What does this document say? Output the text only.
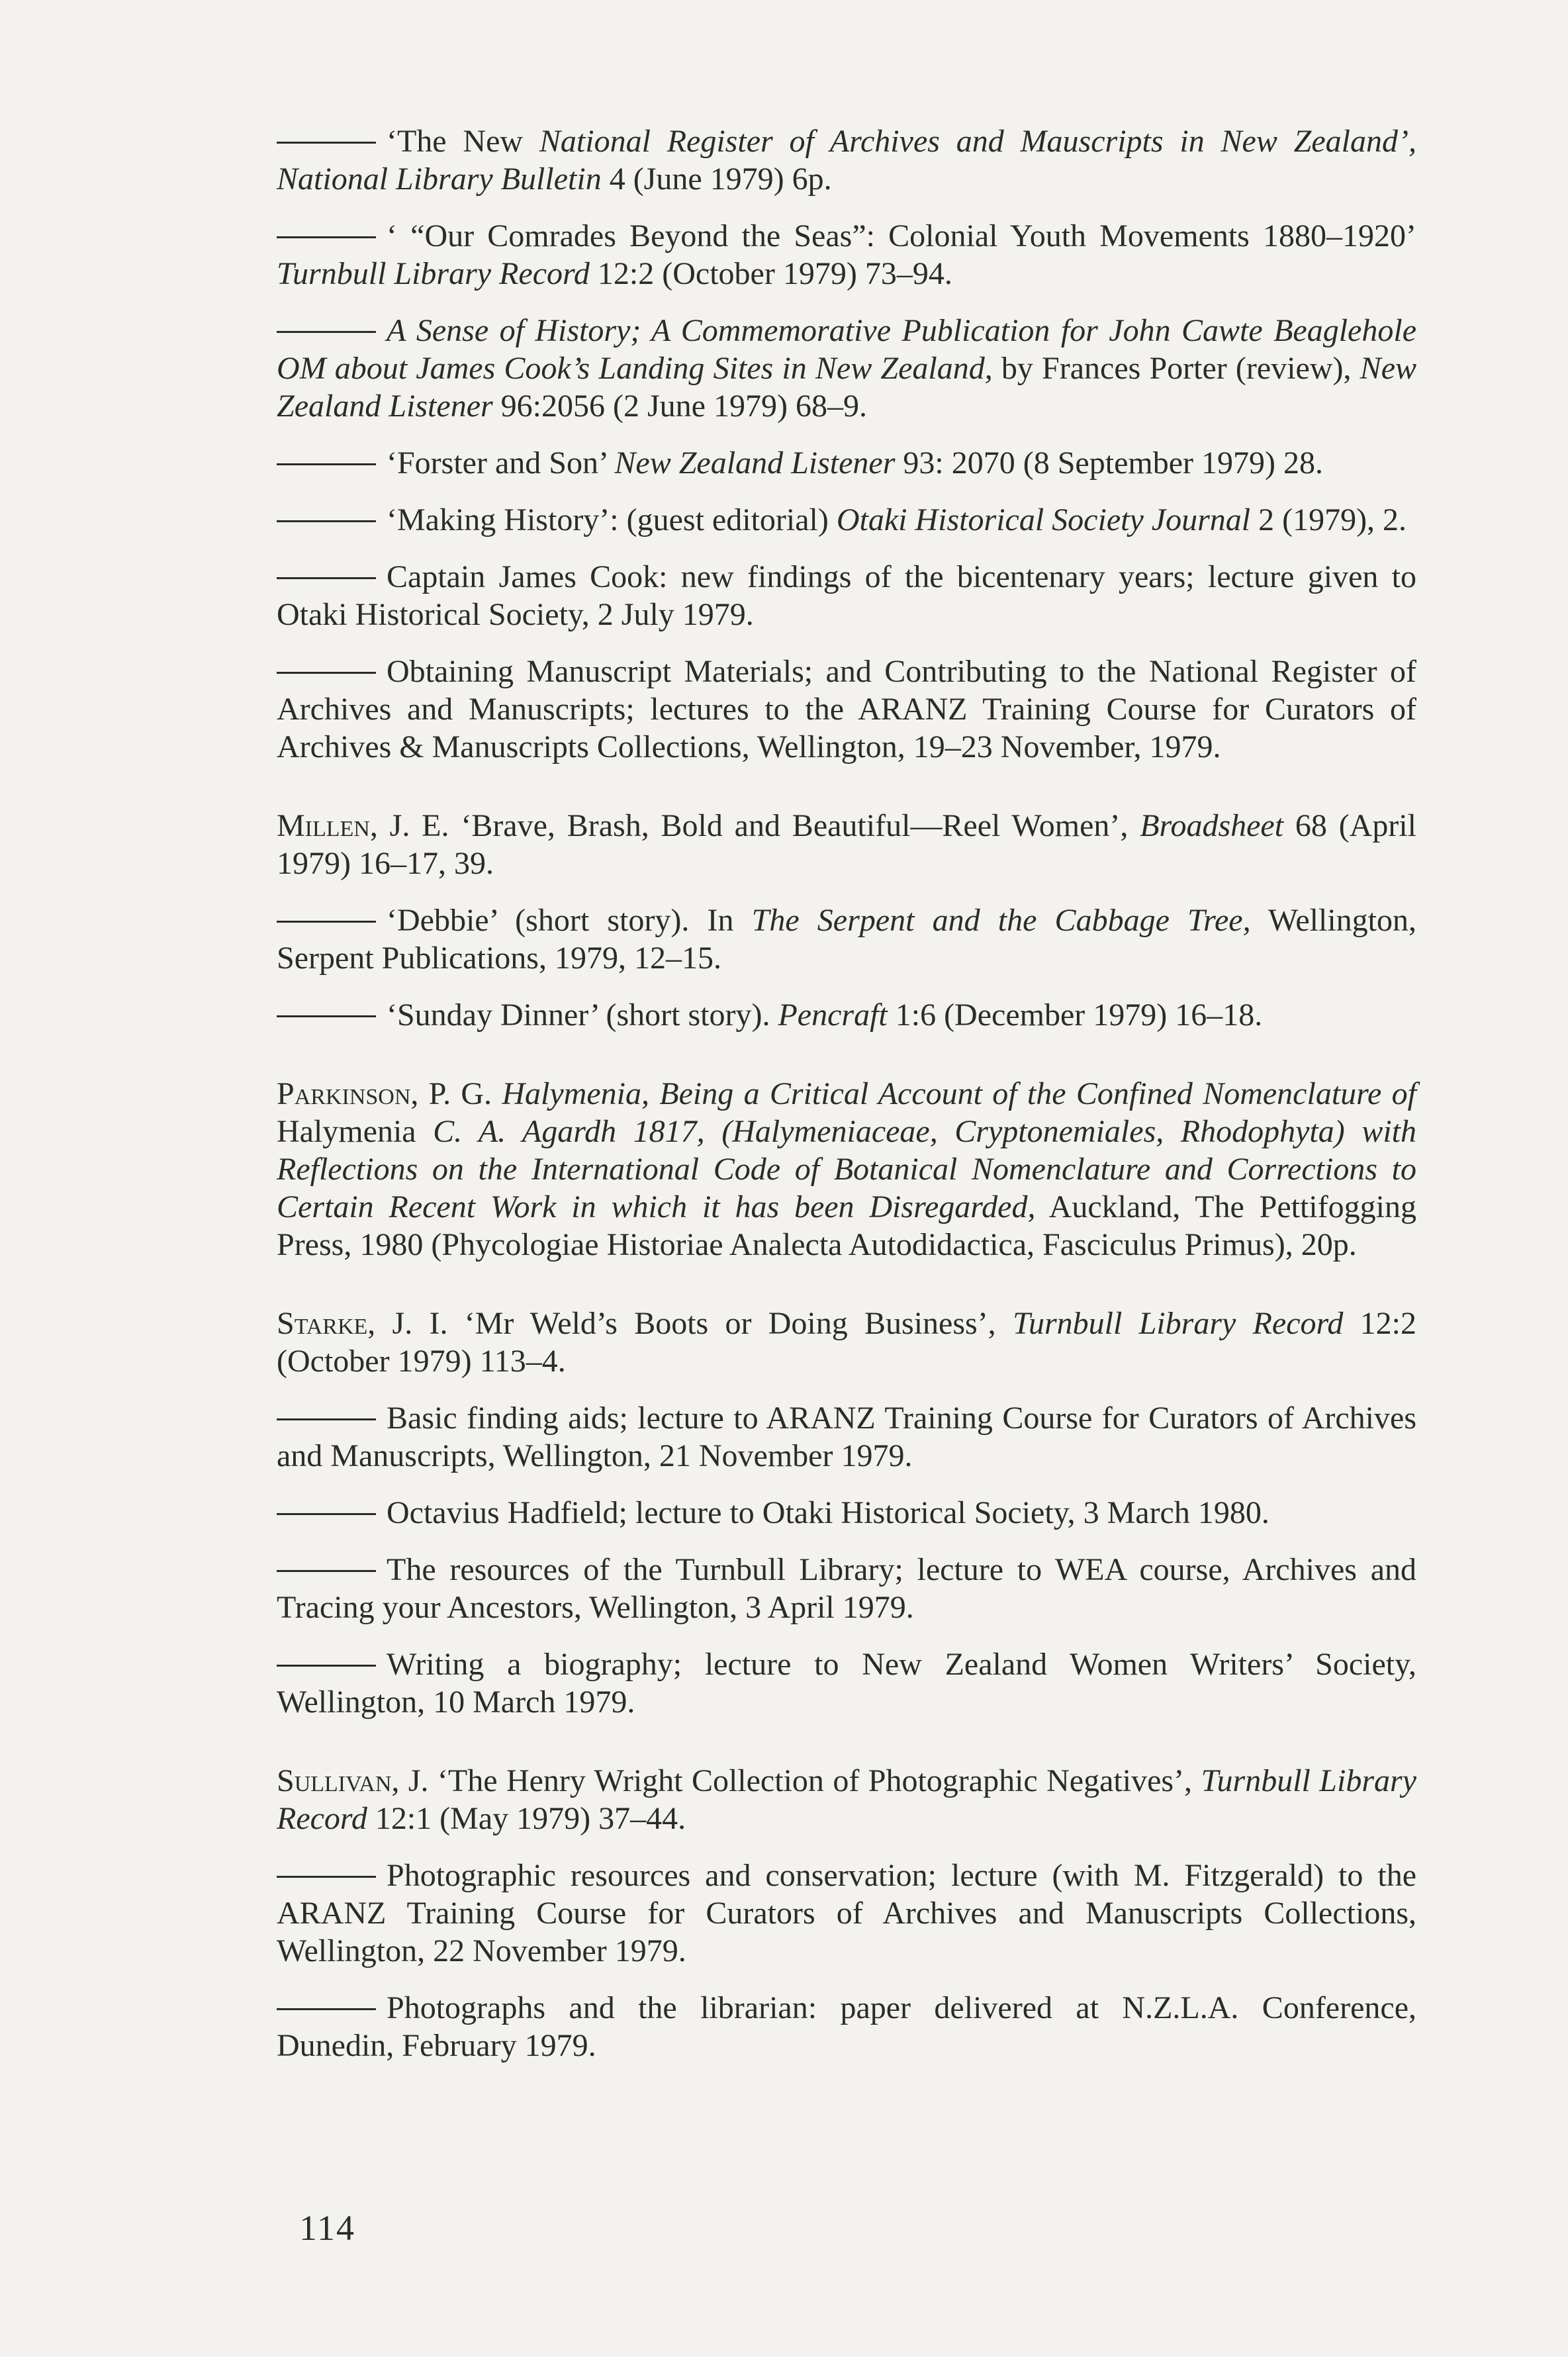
‘The New National Register of Archives and Mauscripts in New Zealand’, National Library Bulletin 4 (June 1979) 6p.

‘ “Our Comrades Beyond the Seas”: Colonial Youth Movements 1880–1920’ Turnbull Library Record 12:2 (October 1979) 73–94.

A Sense of History; A Commemorative Publication for John Cawte Beaglehole OM about James Cook’s Landing Sites in New Zealand, by Frances Porter (review), New Zealand Listener 96:2056 (2 June 1979) 68–9.

‘Forster and Son’ New Zealand Listener 93: 2070 (8 September 1979) 28.

‘Making History’: (guest editorial) Otaki Historical Society Journal 2 (1979), 2.

Captain James Cook: new findings of the bicentenary years; lecture given to Otaki Historical Society, 2 July 1979.

Obtaining Manuscript Materials; and Contributing to the National Register of Archives and Manuscripts; lectures to the ARANZ Training Course for Curators of Archives & Manuscripts Collections, Wellington, 19–23 November, 1979.

Millen, J. E. ‘Brave, Brash, Bold and Beautiful—Reel Women’, Broadsheet 68 (April 1979) 16–17, 39.

‘Debbie’ (short story). In The Serpent and the Cabbage Tree, Wellington, Serpent Publications, 1979, 12–15.

‘Sunday Dinner’ (short story). Pencraft 1:6 (December 1979) 16–18.

Parkinson, P. G. Halymenia, Being a Critical Account of the Confined Nomenclature of Halymenia C. A. Agardh 1817, (Halymeniaceae, Cryptonemiales, Rhodophyta) with Reflections on the International Code of Botanical Nomenclature and Corrections to Certain Recent Work in which it has been Disregarded, Auckland, The Pettifogging Press, 1980 (Phycologiae Historiae Analecta Autodidactica, Fasciculus Primus), 20p.

Starke, J. I. ‘Mr Weld’s Boots or Doing Business’, Turnbull Library Record 12:2 (October 1979) 113–4.

Basic finding aids; lecture to ARANZ Training Course for Curators of Archives and Manuscripts, Wellington, 21 November 1979.

Octavius Hadfield; lecture to Otaki Historical Society, 3 March 1980.

The resources of the Turnbull Library; lecture to WEA course, Archives and Tracing your Ancestors, Wellington, 3 April 1979.

Writing a biography; lecture to New Zealand Women Writers’ Society, Wellington, 10 March 1979.

Sullivan, J. ‘The Henry Wright Collection of Photographic Negatives’, Turnbull Library Record 12:1 (May 1979) 37–44.

Photographic resources and conservation; lecture (with M. Fitzgerald) to the ARANZ Training Course for Curators of Archives and Manuscripts Collections, Wellington, 22 November 1979.

Photographs and the librarian: paper delivered at N.Z.L.A. Conference, Dunedin, February 1979.

114
